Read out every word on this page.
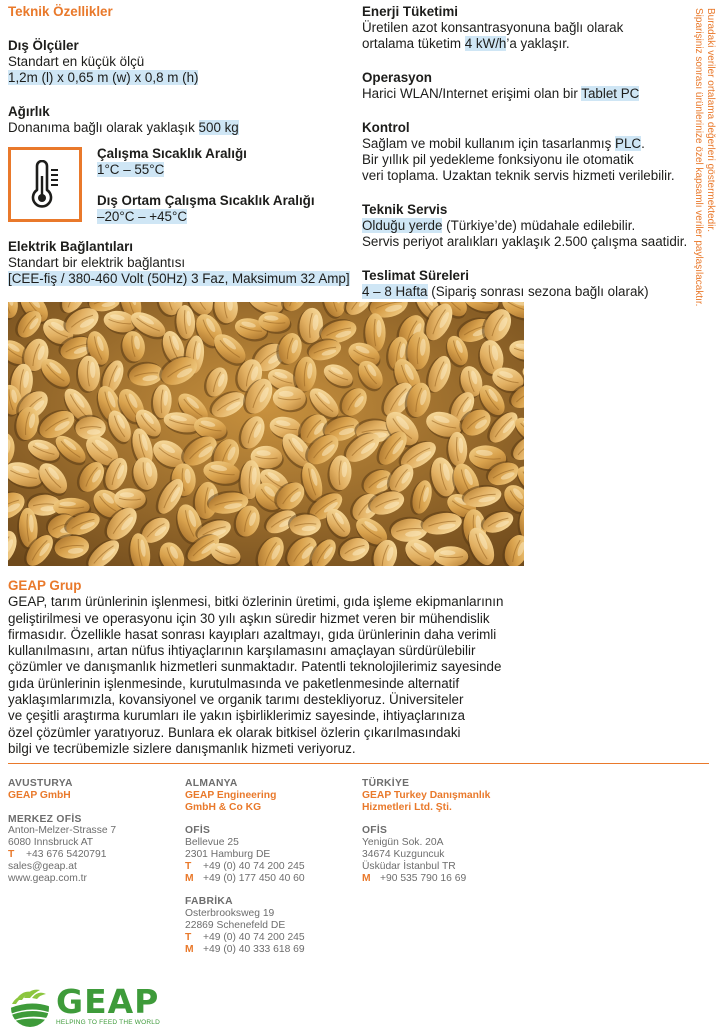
Teknik Özellikler
Dış Ölçüler
Standart en küçük ölçü
1,2m (l) x 0,65 m (w) x 0,8 m (h)
Ağırlık
Donanıma bağlı olarak yaklaşık 500 kg
Çalışma Sıcaklık Aralığı
1°C – 55°C
Dış Ortam Çalışma Sıcaklık Aralığı
–20°C – +45°C
Elektrik Bağlantıları
Standart bir elektrik bağlantısı
[CEE-fiş / 380-460 Volt (50Hz) 3 Faz, Maksimum 32 Amp]
Enerji Tüketimi
Üretilen azot konsantrasyonuna bağlı olarak
ortalama tüketim 4 kW/h’a yaklaşır.
Operasyon
Harici WLAN/Internet erişimi olan bir Tablet PC
Kontrol
Sağlam ve mobil kullanım için tasarlanmış PLC.
Bir yıllık pil yedekleme fonksiyonu ile otomatik
veri toplama. Uzaktan teknik servis hizmeti verilebilir.
Teknik Servis
Olduğu yerde (Türkiye’de) müdahale edilebilir.
Servis periyot aralıkları yaklaşık 2.500 çalışma saatidir.
Teslimat Süreleri
4 – 8 Hafta (Sipariş sonrası sezona bağlı olarak)
Buradaki veriler ortalama değerleri göstermektedir.
Siparişiniz sonrası ürünlerinize özel kapsamlı veriler paylaşılacaktır.
GEAP Grup
GEAP, tarım ürünlerinin işlenmesi, bitki özlerinin üretimi, gıda işleme ekipmanlarının
geliştirilmesi ve operasyonu için 30 yılı aşkın süredir hizmet veren bir mühendislik
firmasıdır. Özellikle hasat sonrası kayıpları azaltmayı, gıda ürünlerinin daha verimli
kullanılmasını, artan nüfus ihtiyaçlarının karşılamasını amaçlayan sürdürülebilir
çözümler ve danışmanlık hizmetleri sunmaktadır. Patentli teknolojilerimiz sayesinde
gıda ürünlerinin işlenmesinde, kurutulmasında ve paketlenmesinde alternatif
yaklaşımlarımızla, kovansiyonel ve organik tarımı destekliyoruz. Üniversiteler
ve çeşitli araştırma kurumları ile yakın işbirliklerimiz sayesinde, ihtiyaçlarınıza
özel çözümler yaratıyoruz. Bunlara ek olarak bitkisel özlerin çıkarılmasındaki
bilgi ve tecrübemizle sizlere danışmanlık hizmeti veriyoruz.
AVUSTURYA
GEAP GmbH
MERKEZ OFİS
Anton-Melzer-Strasse 7
6080 Innsbruck AT
T +43 676 5420791
sales@geap.at
www.geap.com.tr
ALMANYA
GEAP Engineering
GmbH & Co KG
OFİS
Bellevue 25
2301 Hamburg DE
T +49 (0) 40 74 200 245
M +49 (0) 177 450 40 60
FABRİKA
Osterbrooksweg 19
22869 Schenefeld DE
T +49 (0) 40 74 200 245
M +49 (0) 40 333 618 69
TÜRKİYE
GEAP Turkey Danışmanlık
Hizmetleri Ltd. Şti.
OFİS
Yenigün Sok. 20A
34674 Kuzguncuk
Üsküdar İstanbul TR
M +90 535 790 16 69
GEAP
HELPING TO FEED THE WORLD
